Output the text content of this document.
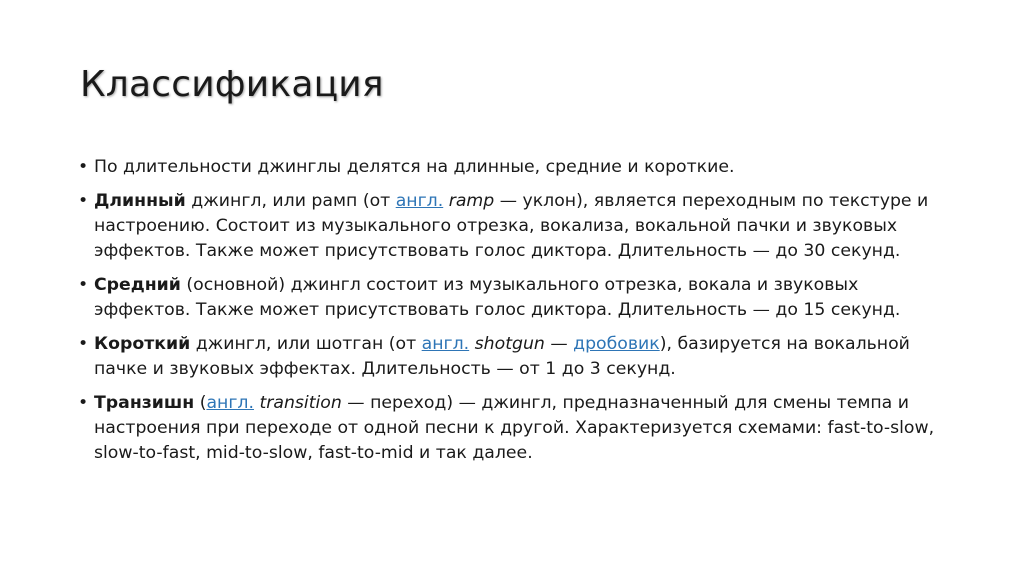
Классификация
• По длительности джинглы делятся на длинные, средние и короткие.
• Длинный джингл, или рамп (от англ. ramp — уклон), является переходным по текстуре и настроению. Состоит из музыкального отрезка, вокализа, вокальной пачки и звуковых эффектов. Также может присутствовать голос диктора. Длительность — до 30 секунд.
• Средний (основной) джингл состоит из музыкального отрезка, вокала и звуковых эффектов. Также может присутствовать голос диктора. Длительность — до 15 секунд.
• Короткий джингл, или шотган (от англ. shotgun — дробовик), базируется на вокальной пачке и звуковых эффектах. Длительность — от 1 до 3 секунд.
• Транзишн (англ. transition — переход) — джингл, предназначенный для смены темпа и настроения при переходе от одной песни к другой. Характеризуется схемами: fast-to-slow, slow-to-fast, mid-to-slow, fast-to-mid и так далее.
